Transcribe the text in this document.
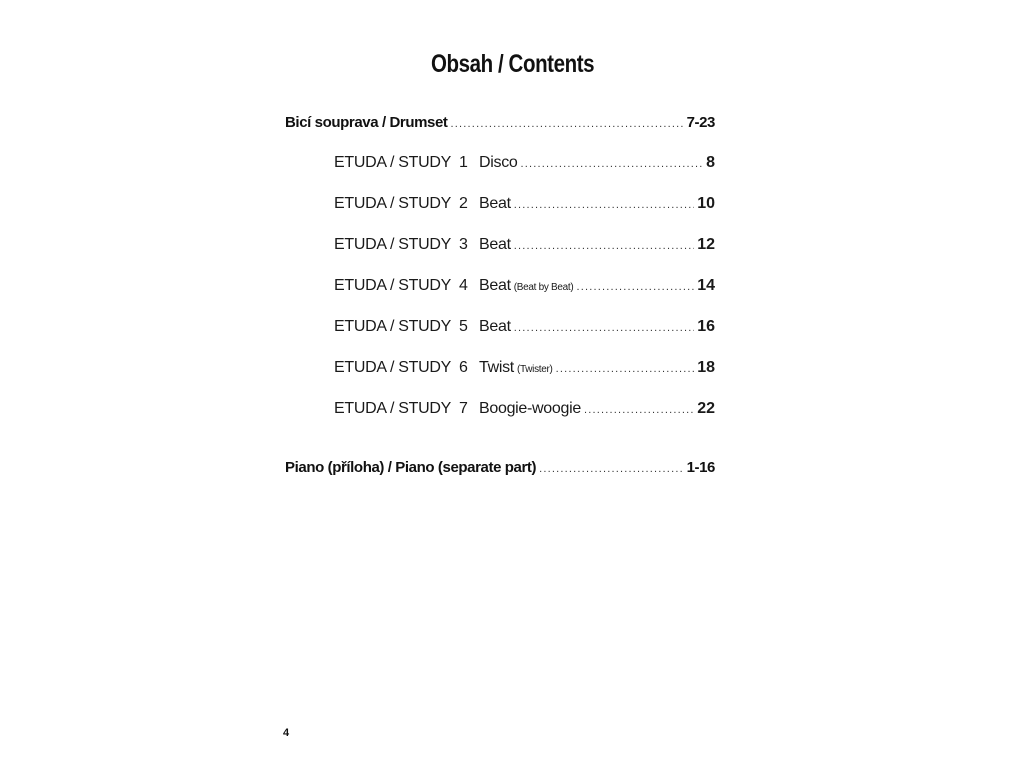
Obsah / Contents
Bicí souprava / Drumset .....	7-23
ETUDA / STUDY  1 Disco .....	8
ETUDA / STUDY  2 Beat .....	10
ETUDA / STUDY  3 Beat .....	12
ETUDA / STUDY  4 Beat (Beat by Beat) .....	14
ETUDA / STUDY  5 Beat .....	16
ETUDA / STUDY  6 Twist (Twister) .....	18
ETUDA / STUDY  7 Boogie-woogie .....	22
Piano (příloha) / Piano (separate part) .....	1-16
4
